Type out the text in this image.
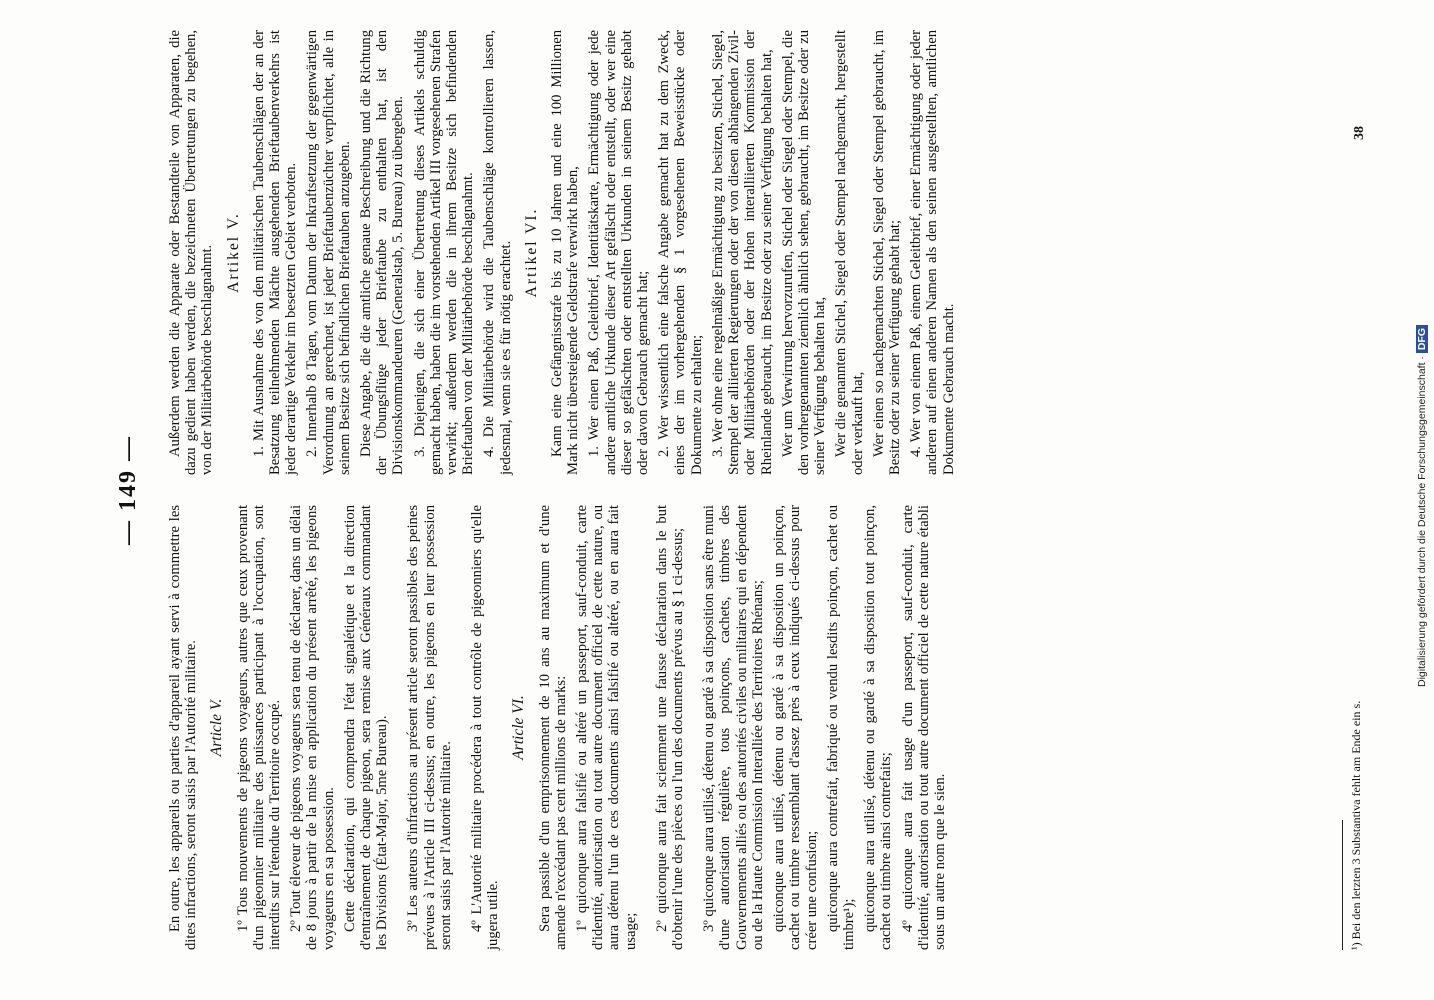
— 149 —

En outre, les appareils ou parties d'appareil ayant servi à commettre les dites infractions, seront saisis par l'Autorité militaire. Article V. 1º Tous mouvements de pigeons voyageurs, autres que ceux provenant d'un pigeonnier militaire des puissances participant à l'occupation, sont interdits sur l'étendue du Territoire occupé. 2º Tout éleveur de pigeons voyageurs sera tenu de déclarer, dans un délai de 8 jours à partir de la mise en application du présent arrêté, les pigeons voyageurs en sa possession. Cette déclaration, qui comprendra l'état signalétique et la direction d'entraînement de chaque pigeon, sera remise aux Généraux commandant les Divisions (État-Major, 5me Bureau). 3º Les auteurs d'infractions au présent article seront passibles des peines prévues à l'Article III ci-dessus; en outre, les pigeons en leur possession seront saisis par l'Autorité militaire. 4º L'Autorité militaire procédera à tout contrôle de pigeonniers qu'elle jugera utile.

Article VI. Sera passible d'un emprisonnement de 10 ans au maximum et d'une amende n'excédant pas cent millions de marks: 1º quiconque aura falsifié ou altéré un passeport, sauf-conduit, carte d'identité, autorisation ou tout autre document officiel de cette nature, ou aura détenu l'un de ces documents ainsi falsifié ou altéré, ou en aura fait usage; 2º quiconque aura fait sciemment une fausse déclaration dans le but d'obtenir l'une des pièces ou l'un des documents prévus au § 1 ci-dessus; 3º quiconque aura utilisé, détenu ou gardé à sa disposition sans être muni d'une autorisation régulière, tous poinçons, cachets, timbres des Gouvernements alliés ou des autorités civiles ou militaires qui en dépendent ou de la Haute Commission Interalliée des Territoires Rhénans; quiconque aura utilisé, détenu ou gardé à sa disposition un poinçon, cachet ou timbre ressemblant d'assez près à ceux indiqués ci-dessus pour créer une confusion; quiconque aura contrefait, fabriqué ou vendu lesdits poinçon, cachet ou timbre¹); quiconque aura utilisé, détenu ou gardé à sa disposition tout poinçon, cachet ou timbre ainsi contrefaits; 4º quiconque aura fait usage d'un passeport, sauf-conduit, carte d'identité, autorisation ou tout autre document officiel de cette nature établi sous un autre nom que le sien.

Außerdem werden die Apparate oder Bestandteile von Apparaten, die dazu gedient haben werden, die bezeichneten Übertretungen zu begehen, von der Militärbehörde beschlagnahmt. Artikel V. 1. Mit Ausnahme des von den militärischen Taubenschlägen der an der Besatzung teilnehmenden Mächte ausgehenden Brieftaubenverkehrs ist jeder derartige Verkehr im besetzten Gebiet verboten. 2. Innerhalb 8 Tagen, vom Datum der Inkraftsetzung der gegenwärtigen Verordnung an gerechnet, ist jeder Brieftaubenzüchter verpflichtet, alle in seinem Besitze sich befindlichen Brieftauben anzugeben. Diese Angabe, die die amtliche genaue Beschreibung und die Richtung der Übungsflüge jeder Brieftaube zu enthalten hat, ist den Divisionskommandeuren (Generalstab, 5. Bureau) zu übergeben. 3. Diejenigen, die sich einer Übertretung dieses Artikels schuldig gemacht haben, haben die im vorstehenden Artikel III vorgesehenen Strafen verwirkt; außerdem werden die in ihrem Besitze sich befindenden Brieftauben von der Militärbehörde beschlagnahmt. 4. Die Militärbehörde wird die Taubenschläge kontrollieren lassen, jedesmal, wenn sie es für nötig erachtet. Artikel VI. Kann eine Gefängnisstrafe bis zu 10 Jahren und eine 100 Millionen Mark nicht übersteigende Geldstrafe verwirkt haben, 1. Wer einen Paß, Geleitbrief, Identitätskarte, Ermächtigung oder jede andere amtliche Urkunde dieser Art gefälscht oder entstellt, oder wer eine dieser so gefälschten oder entstellten Urkunden in seinem Besitz gehabt oder davon Gebrauch gemacht hat; 2. Wer wissentlich eine falsche Angabe gemacht hat zu dem Zweck, eines der im vorhergehenden § 1 vorgesehenen Beweisstücke oder Dokumente zu erhalten; 3. Wer ohne eine regelmäßige Ermächtigung zu besitzen, Stichel, Siegel, Stempel der alliierten Regierungen oder der von diesen abhängenden Zivil- oder Militärbehörden oder der Hohen interalliierten Kommission der Rheinlande gebraucht, im Besitze oder zu seiner Verfügung behalten hat, Wer um Verwirrung hervorzurufen, Stichel oder Siegel oder Stempel, die den vorhergenannten ziemlich ähnlich sehen, gebraucht, im Besitze oder zu seiner Verfügung behalten hat, Wer die genannten Stichel, Siegel oder Stempel nachgemacht, hergestellt oder verkauft hat, Wer einen so nachgemachten Stichel, Siegel oder Stempel gebraucht, im Besitz oder zu seiner Verfügung gehabt hat; 4. Wer von einem Paß, einem Geleitbrief, einer Ermächtigung oder jeder anderen auf einen anderen Namen als den seinen ausgestellten, amtlichen Dokumente Gebrauch macht.

¹) Bei den letzten 3 Substantiva fehlt am Ende ein s.
38
Digitalisierung gefördert durch die Deutsche Forschungsgemeinschaft · DFG
